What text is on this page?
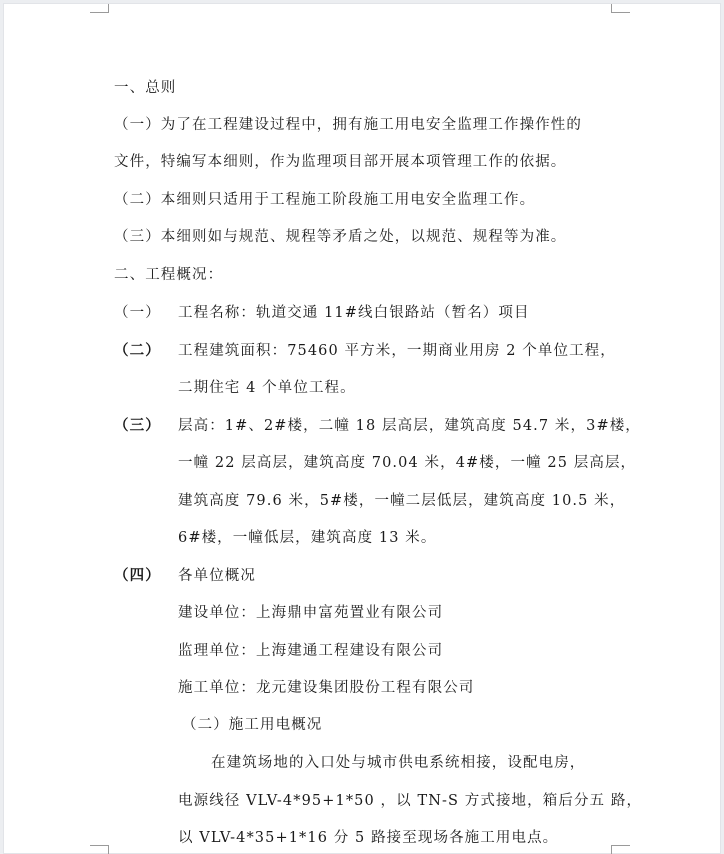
一、总则
（一）为了在工程建设过程中，拥有施工用电安全监理工作操作性的
文件，特编写本细则，作为监理项目部开展本项管理工作的依据。
（二）本细则只适用于工程施工阶段施工用电安全监理工作。
（三）本细则如与规范、规程等矛盾之处，以规范、规程等为准。
二、工程概况：
（一） 工程名称：轨道交通 11#线白银路站（暂名）项目
（二） 工程建筑面积：75460 平方米，一期商业用房 2 个单位工程，
二期住宅 4 个单位工程。
（三） 层高：1#、2#楼，二幢 18 层高层，建筑高度 54.7 米，3#楼，
一幢 22 层高层，建筑高度 70.04 米，4#楼，一幢 25 层高层，
建筑高度 79.6 米，5#楼，一幢二层低层，建筑高度 10.5 米，
6#楼，一幢低层，建筑高度 13 米。
（四） 各单位概况
建设单位：上海鼎申富苑置业有限公司
监理单位：上海建通工程建设有限公司
施工单位：龙元建设集团股份工程有限公司
（二）施工用电概况
在建筑场地的入口处与城市供电系统相接，设配电房，
电源线径 VLV-4*95+1*50 ，以 TN-S 方式接地，箱后分五 路，
以 VLV-4*35+1*16 分 5 路接至现场各施工用电点。
